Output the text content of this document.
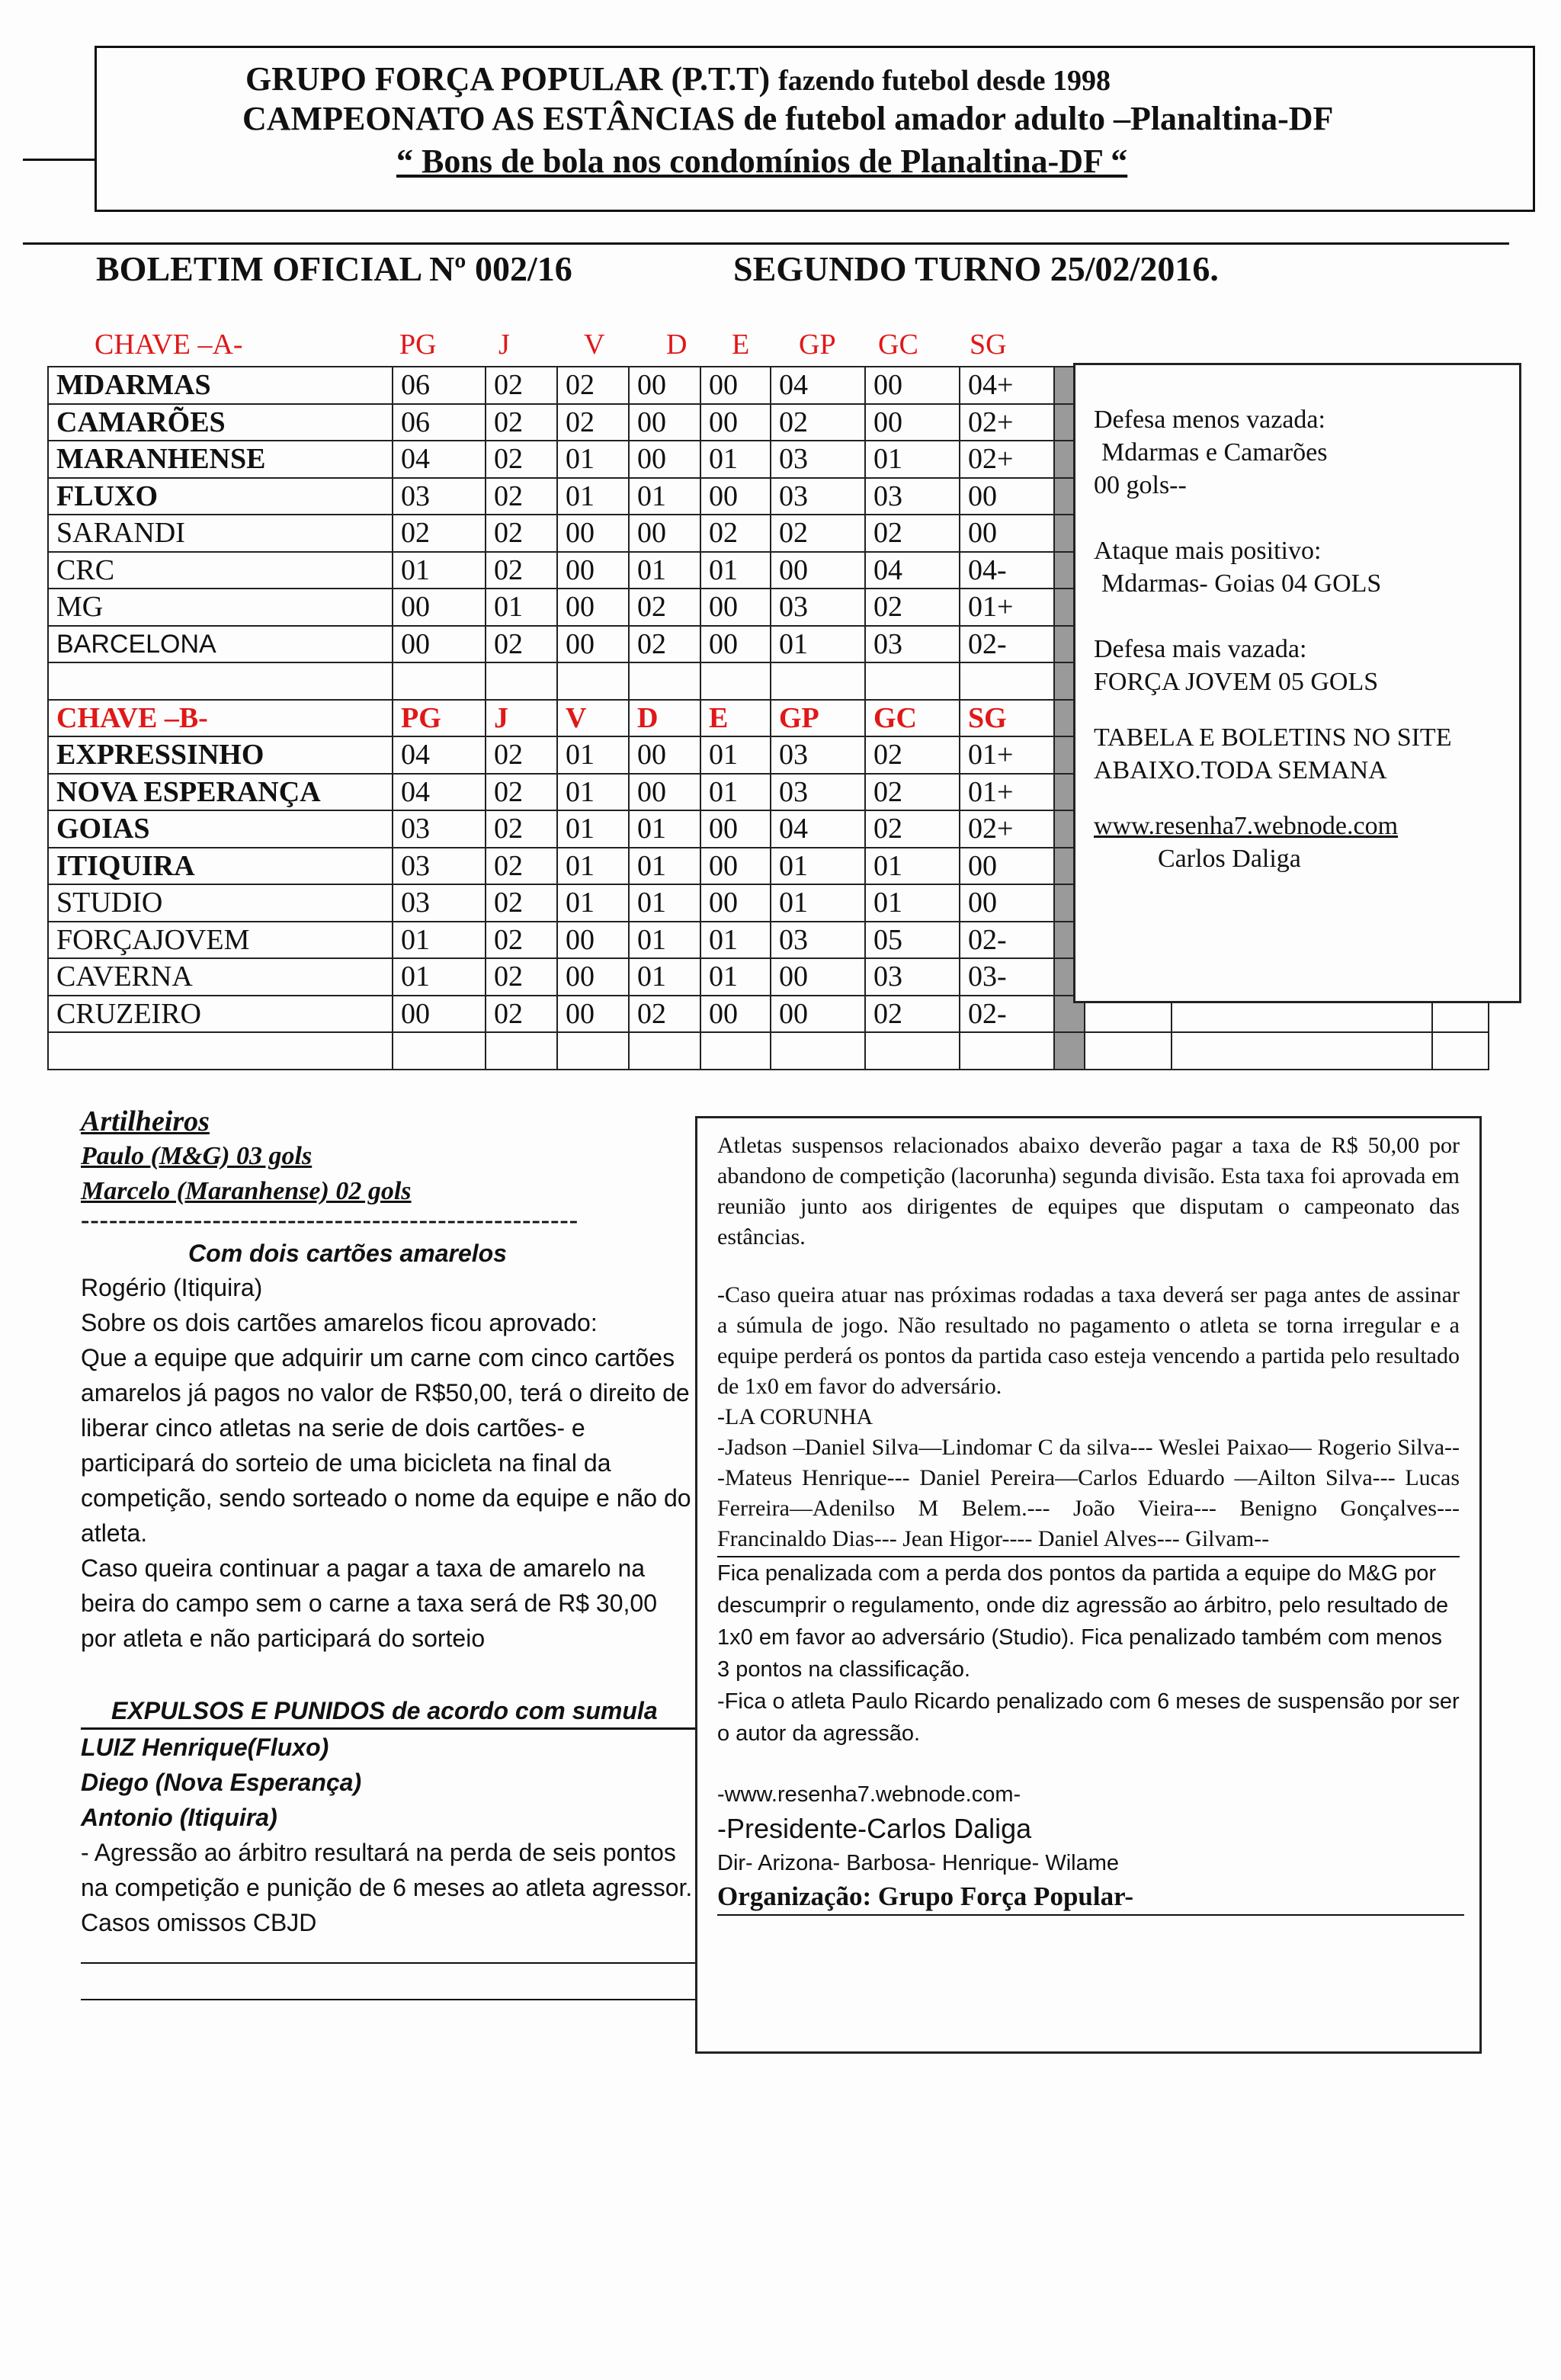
GRUPO FORÇA POPULAR (P.T.T) fazendo futebol desde 1998
CAMPEONATO AS ESTÂNCIAS de futebol amador adulto –Planaltina-DF
“ Bons de bola nos condomínios de Planaltina-DF “
BOLETIM OFICIAL Nº 002/16	SEGUNDO TURNO 25/02/2016.
CHAVE –A-	PG J	V D E GP GC SG
MDARMAS	06	02	02	00	00	04	00	04+				
CAMARÕES	06	02	02	00	00	02	00	02+				
MARANHENSE	04	02	01	00	01	03	01	02+				
FLUXO	03	02	01	01	00	03	03	00				
SARANDI	02	02	00	00	02	02	02	00				
CRC	01	02	00	01	01	00	04	04-				
MG	00	01	00	02	00	03	02	01+				
BARCELONA	00	02	00	02	00	01	03	02-				

CHAVE –B-	PG	J	V	D	E	GP	GC	SG				
EXPRESSINHO	04	02	01	00	01	03	02	01+				
NOVA ESPERANÇA	04	02	01	00	01	03	02	01+				
GOIAS	03	02	01	01	00	04	02	02+				
ITIQUIRA	03	02	01	01	00	01	01	00				
STUDIO	03	02	01	01	00	01	01	00				
FORÇAJOVEM	01	02	00	01	01	03	05	02-				
CAVERNA	01	02	00	01	01	00	03	03-				
CRUZEIRO	00	02	00	02	00	00	02	02-				

Defesa menos vazada:

Mdarmas e Camarões

00 gols--

Ataque mais positivo:

Mdarmas- Goias 04 GOLS

Defesa mais vazada:

FORÇA JOVEM 05 GOLS

TABELA E BOLETINS NO SITE

ABAIXO.TODA SEMANA

www.resenha7.webnode.com

Carlos Daliga

Artilheiros

Paulo (M&G) 03 gols

Marcelo (Maranhense) 02 gols

-----------------------------------------------------

Com dois cartões amarelos

Rogério (Itiquira)

Sobre os dois cartões amarelos ficou aprovado:

Que a equipe que adquirir um carne com cinco cartões amarelos já pagos no valor de R$50,00, terá o direito de liberar cinco atletas na serie de dois cartões- e participará do sorteio de uma bicicleta na final da competição, sendo sorteado o nome da equipe e não do atleta.

Caso queira continuar a pagar a taxa de amarelo na beira do campo sem o carne a taxa será de R$ 30,00 por atleta e não participará do sorteio

EXPULSOS E PUNIDOS de acordo com sumula

LUIZ Henrique(Fluxo)

Diego (Nova Esperança)

Antonio (Itiquira)

- Agressão ao árbitro resultará na perda de seis pontos na competição e punição de 6 meses ao atleta agressor. Casos omissos CBJD

Atletas suspensos relacionados abaixo deverão pagar a taxa de R$ 50,00 por abandono de competição (lacorunha) segunda divisão. Esta taxa foi aprovada em reunião junto aos dirigentes de equipes que disputam o campeonato das estâncias.

-Caso queira atuar nas próximas rodadas a taxa deverá ser paga antes de assinar a súmula de jogo. Não resultado no pagamento o atleta se torna irregular e a equipe perderá os pontos da partida caso esteja vencendo a partida pelo resultado de 1x0 em favor do adversário.

-LA CORUNHA

-Jadson –Daniel Silva—Lindomar C da silva--- Weslei Paixao— Rogerio Silva---Mateus Henrique--- Daniel Pereira—Carlos Eduardo —Ailton Silva--- Lucas Ferreira—Adenilso M Belem.--- João Vieira--- Benigno Gonçalves--- Francinaldo Dias--- Jean Higor---- Daniel Alves--- Gilvam--

Fica penalizada com a perda dos pontos da partida a equipe do M&G por descumprir o regulamento, onde diz agressão ao árbitro, pelo resultado de 1x0 em favor ao adversário (Studio). Fica penalizado também com menos 3 pontos na classificação.

-Fica o atleta Paulo Ricardo penalizado com 6 meses de suspensão por ser o autor da agressão.

-www.resenha7.webnode.com-

-Presidente-Carlos Daliga

Dir- Arizona- Barbosa- Henrique- Wilame

Organização: Grupo Força Popular-
